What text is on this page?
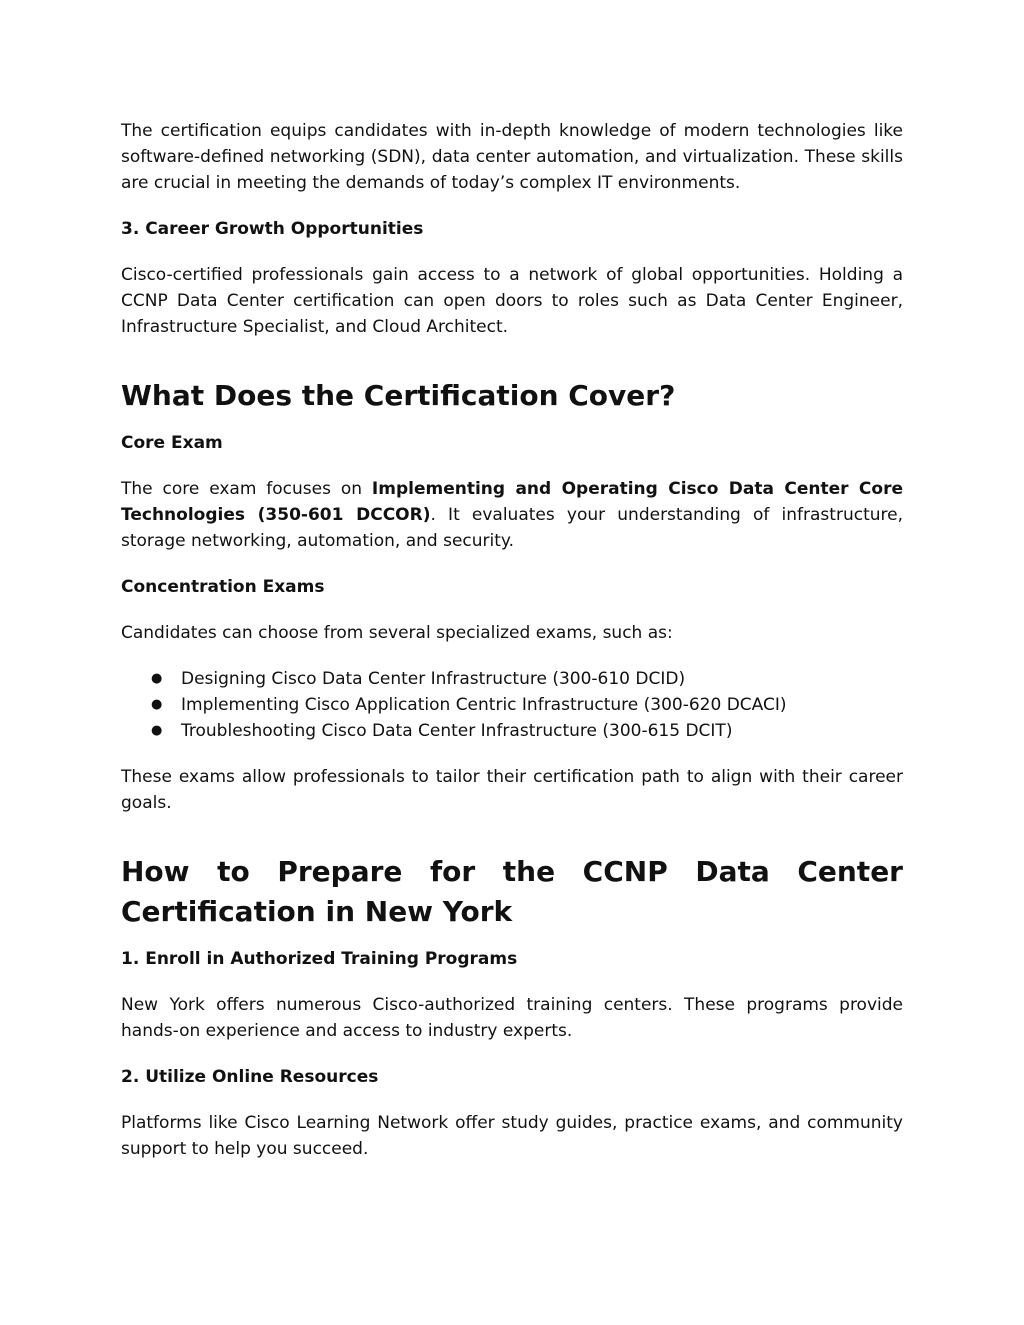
The certification equips candidates with in-depth knowledge of modern technologies like software-defined networking (SDN), data center automation, and virtualization. These skills are crucial in meeting the demands of today’s complex IT environments.

3. Career Growth Opportunities

Cisco-certified professionals gain access to a network of global opportunities. Holding a CCNP Data Center certification can open doors to roles such as Data Center Engineer, Infrastructure Specialist, and Cloud Architect.

What Does the Certification Cover?
Core Exam

The core exam focuses on Implementing and Operating Cisco Data Center Core Technologies (350-601 DCCOR). It evaluates your understanding of infrastructure, storage networking, automation, and security.

Concentration Exams

Candidates can choose from several specialized exams, such as:

● Designing Cisco Data Center Infrastructure (300-610 DCID)
● Implementing Cisco Application Centric Infrastructure (300-620 DCACI)
● Troubleshooting Cisco Data Center Infrastructure (300-615 DCIT)

These exams allow professionals to tailor their certification path to align with their career goals.

How to Prepare for the CCNP Data Center
Certification in New York
1. Enroll in Authorized Training Programs

New York offers numerous Cisco-authorized training centers. These programs provide hands-on experience and access to industry experts.

2. Utilize Online Resources

Platforms like Cisco Learning Network offer study guides, practice exams, and community support to help you succeed.
